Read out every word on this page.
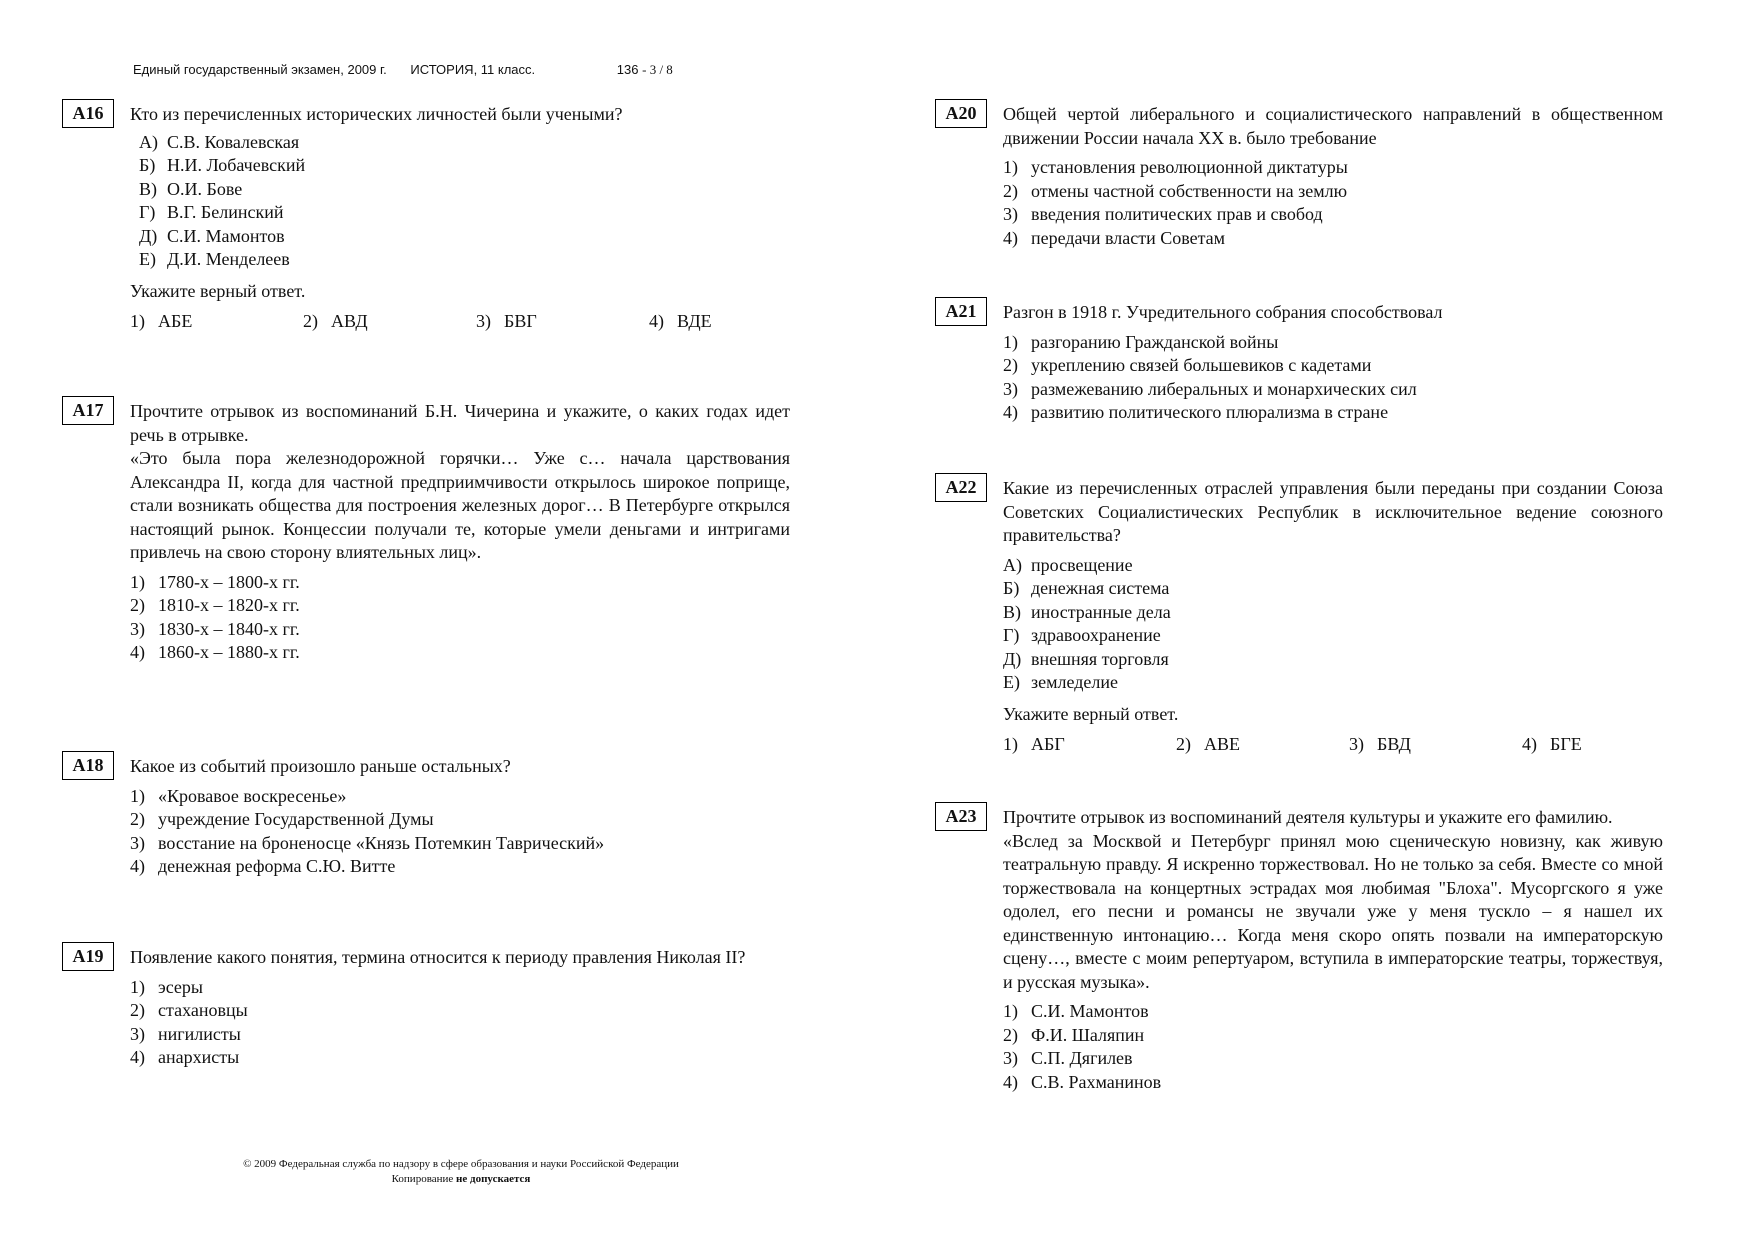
Единый государственный экзамен, 2009 г. ИСТОРИЯ, 11 класс.	136 - 3 / 8
A16	Кто из перечисленных исторических личностей были учеными?
А) С.В. Ковалевская
Б) Н.И. Лобачевский
В) О.И. Бове
Г) В.Г. Белинский
Д) С.И. Мамонтов
Е) Д.И. Менделеев
Укажите верный ответ.
1) АБЕ	2) АВД	3) БВГ	4) ВДЕ
A17	Прочтите отрывок из воспоминаний Б.Н. Чичерина и укажите, о каких годах идет речь в отрывке.

«Это была пора железнодорожной горячки… Уже с… начала царствования Александра II, когда для частной предприимчивости открылось широкое поприще, стали возникать общества для построения железных дорог… В Петербурге открылся настоящий рынок. Концессии получали те, которые умели деньгами и интригами привлечь на свою сторону влиятельных лиц».

1) 1780-х – 1800-х гг.
2) 1810-х – 1820-х гг.
3) 1830-х – 1840-х гг.
4) 1860-х – 1880-х гг.
A18	Какое из событий произошло раньше остальных?
1) «Кровавое воскресенье»
2) учреждение Государственной Думы
3) восстание на броненосце «Князь Потемкин Таврический»
4) денежная реформа С.Ю. Витте
A19	Появление какого понятия, термина относится к периоду правления Николая II?

1) эсеры
2) стахановцы
3) нигилисты
4) анархисты
A20	Общей чертой либерального и социалистического направлений в общественном движении России начала XX в. было требование

1) установления революционной диктатуры
2) отмены частной собственности на землю
3) введения политических прав и свобод
4) передачи власти Советам
A21	Разгон в 1918 г. Учредительного собрания способствовал
1) разгоранию Гражданской войны
2) укреплению связей большевиков с кадетами
3) размежеванию либеральных и монархических сил
4) развитию политического плюрализма в стране
A22	Какие из перечисленных отраслей управления были переданы при создании Союза Советских Социалистических Республик в исключительное ведение союзного правительства?

А) просвещение
Б) денежная система
В) иностранные дела
Г) здравоохранение
Д) внешняя торговля
Е) земледелие
Укажите верный ответ.
1) АБГ	2) АВЕ	3) БВД	4) БГЕ
A23	Прочтите отрывок из воспоминаний деятеля культуры и укажите его фамилию.

«Вслед за Москвой и Петербург принял мою сценическую новизну, как живую театральную правду. Я искренно торжествовал. Но не только за себя. Вместе со мной торжествовала на концертных эстрадах моя любимая "Блоха". Мусоргского я уже одолел, его песни и романсы не звучали уже у меня тускло – я нашел их единственную интонацию… Когда меня скоро опять позвали на императорскую сцену…, вместе с моим репертуаром, вступила в императорские театры, торжествуя, и русская музыка».

1) С.И. Мамонтов
2) Ф.И. Шаляпин
3) С.П. Дягилев
4) С.В. Рахманинов
© 2009 Федеральная служба по надзору в сфере образования и науки Российской Федерации
Копирование не допускается
